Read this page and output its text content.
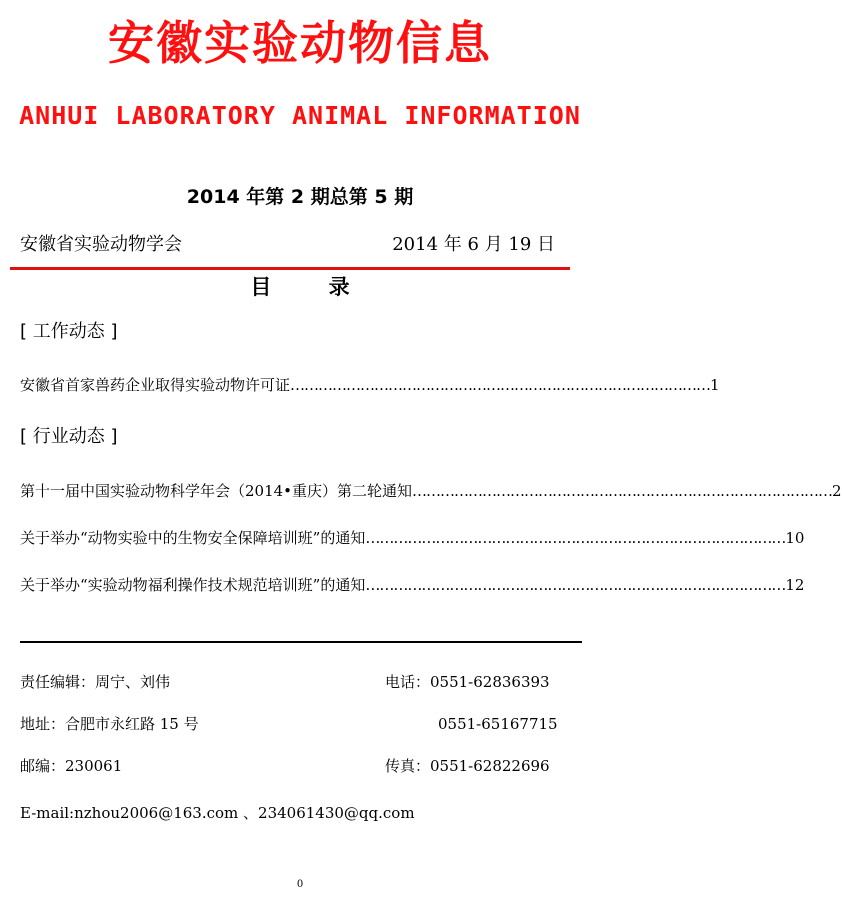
安徽实验动物信息
ANHUI LABORATORY ANIMAL INFORMATION
2014 年第 2 期总第 5 期
安徽省实验动物学会	2014 年 6 月 19 日
目 录
[ 工作动态 ]
安徽省首家兽药企业取得实验动物许可证 ……………………………………………………………………………… 1
[ 行业动态 ]
第十一届中国实验动物科学年会（2014•重庆）第二轮通知 ……………………………………………………………………………… 2
关于举办“动物实验中的生物安全保障培训班”的通知 ……………………………………………………………………………… 10
关于举办“实验动物福利操作技术规范培训班”的通知 ……………………………………………………………………………… 12
责任编辑：周宁、刘伟	电话：0551-62836393
地址：合肥市永红路 15 号	0551-65167715
邮编：230061	传真：0551-62822696
E-mail:nzhou2006@163.com 、234061430@qq.com
0
